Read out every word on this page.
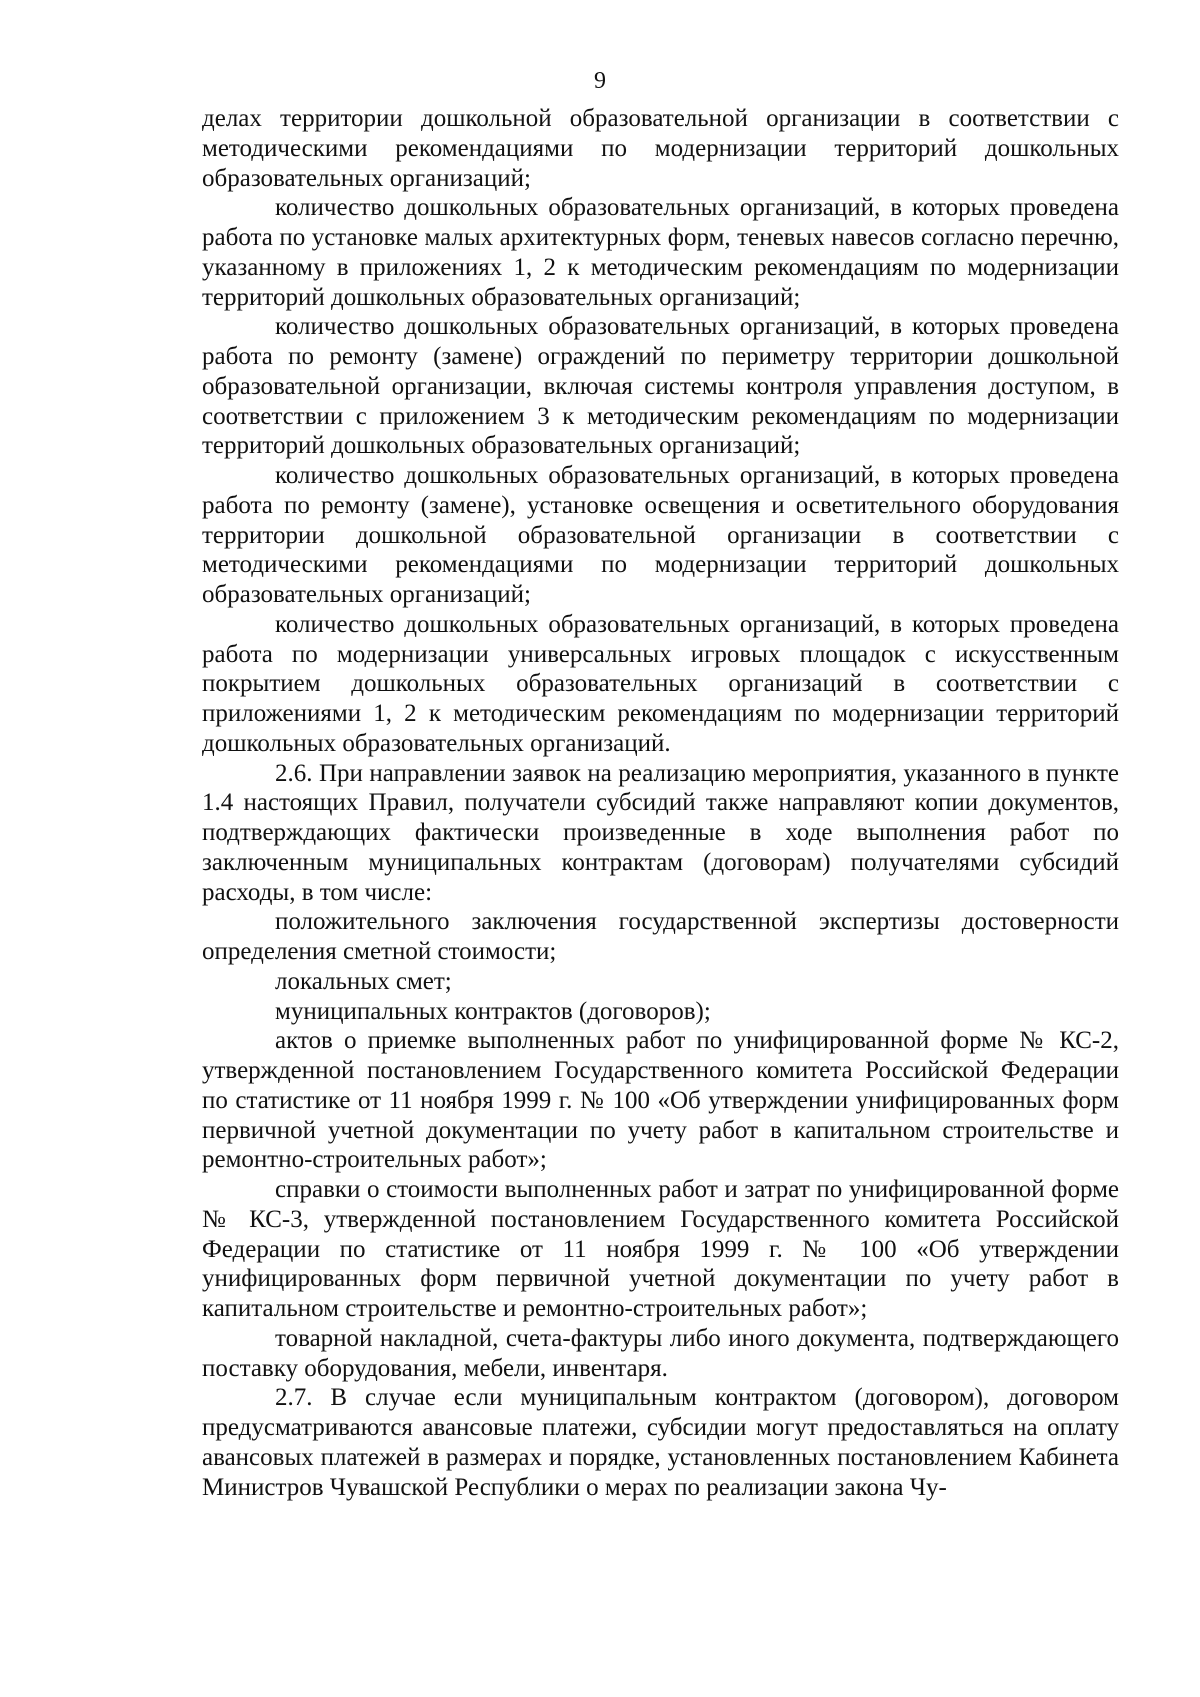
9

делах территории дошкольной образовательной организации в соответствии с методическими рекомендациями по модернизации территорий дошкольных образовательных организаций;

количество дошкольных образовательных организаций, в которых проведена работа по установке малых архитектурных форм, теневых навесов согласно перечню, указанному в приложениях 1, 2 к методическим рекомендациям по модернизации территорий дошкольных образовательных организаций;

количество дошкольных образовательных организаций, в которых проведена работа по ремонту (замене) ограждений по периметру территории дошкольной образовательной организации, включая системы контроля управления доступом, в соответствии с приложением 3 к методическим рекомендациям по модернизации территорий дошкольных образовательных организаций;

количество дошкольных образовательных организаций, в которых проведена работа по ремонту (замене), установке освещения и осветительного оборудования территории дошкольной образовательной организации в соответствии с методическими рекомендациями по модернизации территорий дошкольных образовательных организаций;

количество дошкольных образовательных организаций, в которых проведена работа по модернизации универсальных игровых площадок с искусственным покрытием дошкольных образовательных организаций в соответствии с приложениями 1, 2 к методическим рекомендациям по модернизации территорий дошкольных образовательных организаций.

2.6. При направлении заявок на реализацию мероприятия, указанного в пункте 1.4 настоящих Правил, получатели субсидий также направляют копии документов, подтверждающих фактически произведенные в ходе выполнения работ по заключенным муниципальных контрактам (договорам) получателями субсидий расходы, в том числе:

положительного заключения государственной экспертизы достоверности определения сметной стоимости;

локальных смет;

муниципальных контрактов (договоров);

актов о приемке выполненных работ по унифицированной форме № КС-2, утвержденной постановлением Государственного комитета Российской Федерации по статистике от 11 ноября 1999 г. № 100 «Об утверждении унифицированных форм первичной учетной документации по учету работ в капитальном строительстве и ремонтно-строительных работ»;

справки о стоимости выполненных работ и затрат по унифицированной форме № КС-3, утвержденной постановлением Государственного комитета Российской Федерации по статистике от 11 ноября 1999 г. № 100 «Об утверждении унифицированных форм первичной учетной документации по учету работ в капитальном строительстве и ремонтно-строительных работ»;

товарной накладной, счета-фактуры либо иного документа, подтверждающего поставку оборудования, мебели, инвентаря.

2.7. В случае если муниципальным контрактом (договором), договором предусматриваются авансовые платежи, субсидии могут предоставляться на оплату авансовых платежей в размерах и порядке, установленных постановлением Кабинета Министров Чувашской Республики о мерах по реализации закона Чу-
